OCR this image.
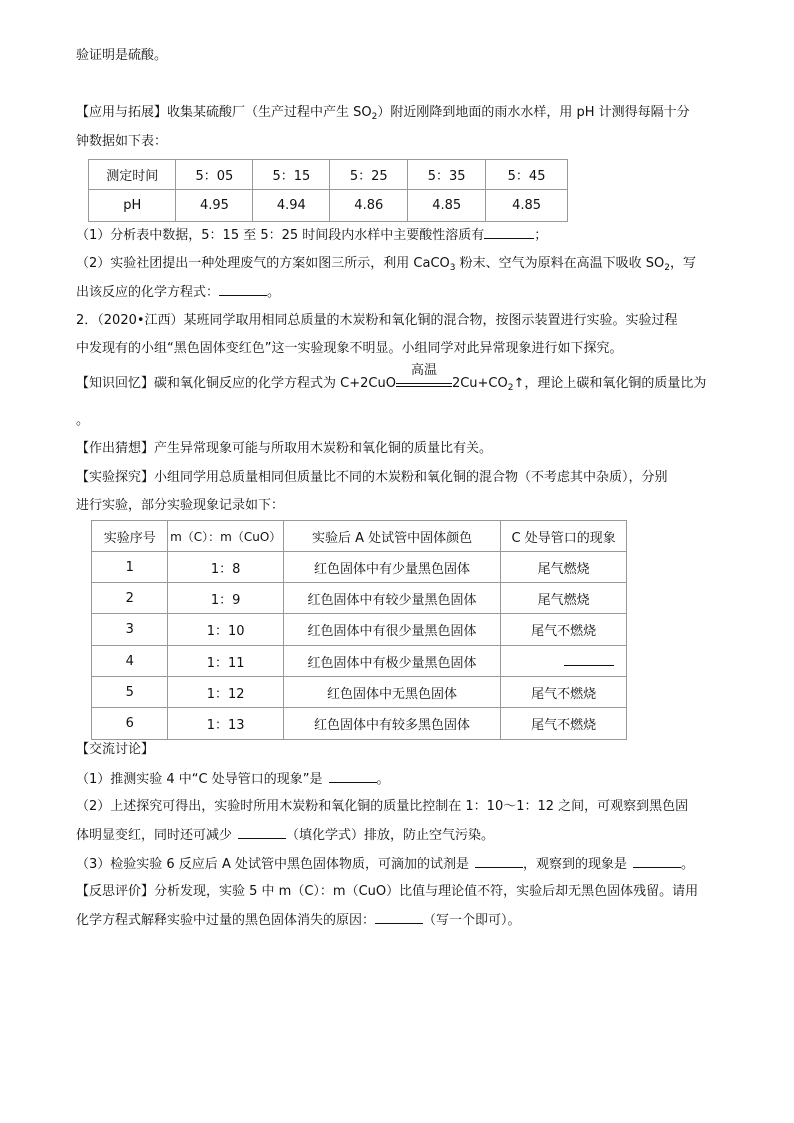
验证明是硫酸。
【应用与拓展】收集某硫酸厂（生产过程中产生 $SO_2$）附近刚降到地面的雨水水样，用 pH 计测得每隔十分
钟数据如下表：
测定时间	5：05	5：15	5：25	5：35	5：45
pH	4.95	4.94	4.86	4.85	4.85
（1）分析表中数据，5：15 至 5：25 时间段内水样中主要酸性溶质有	；
（2）实验社团提出一种处理废气的方案如图三所示，利用 CaCO$_3$ 粉末、空气为原料在高温下吸收 $SO_2$，写
出该反应的化学方程式：	。
2．（2020•江西）某班同学取用相同总质量的木炭粉和氧化铜的混合物，按图示装置进行实验。实验过程
中发现有的小组“黑色固体变红色”这一实验现象不明显。小组同学对此异常现象进行如下探究。
【知识回忆】碳和氧化铜反应的化学方程式为 C+2CuO
高温
$2Cu+CO_2↑$，理论上碳和氧化铜的质量比为
。
【作出猜想】产生异常现象可能与所取用木炭粉和氧化铜的质量比有关。
【实验探究】小组同学用总质量相同但质量比不同的木炭粉和氧化铜的混合物（不考虑其中杂质），分别
进行实验，部分实验现象记录如下：
实验序号	m（C）：m（CuO）	实验后 A 处试管中固体颜色	C 处导管口的现象
1	1：8	红色固体中有少量黑色固体	尾气燃烧
2	1：9	红色固体中有较少量黑色固体	尾气燃烧
3	1：10	红色固体中有很少量黑色固体	尾气不燃烧
4	1：11	红色固体中有极少量黑色固体	
5	1：12	红色固体中无黑色固体	尾气不燃烧
6	1：13	红色固体中有较多黑色固体	尾气不燃烧
【交流讨论】
（1）推测实验 4 中“C 处导管口的现象”是	。
（2）上述探究可得出，实验时所用木炭粉和氧化铜的质量比控制在 1：10～1：12 之间，可观察到黑色固
体明显变红，同时还可减少	（填化学式）排放，防止空气污染。
（3）检验实验 6 反应后 A 处试管中黑色固体物质，可滴加的试剂是	，观察到的现象是	。
【反思评价】分析发现，实验 5 中 m（C）：m（CuO）比值与理论值不符，实验后却无黑色固体残留。请用
化学方程式解释实验中过量的黑色固体消失的原因：	（写一个即可）。
